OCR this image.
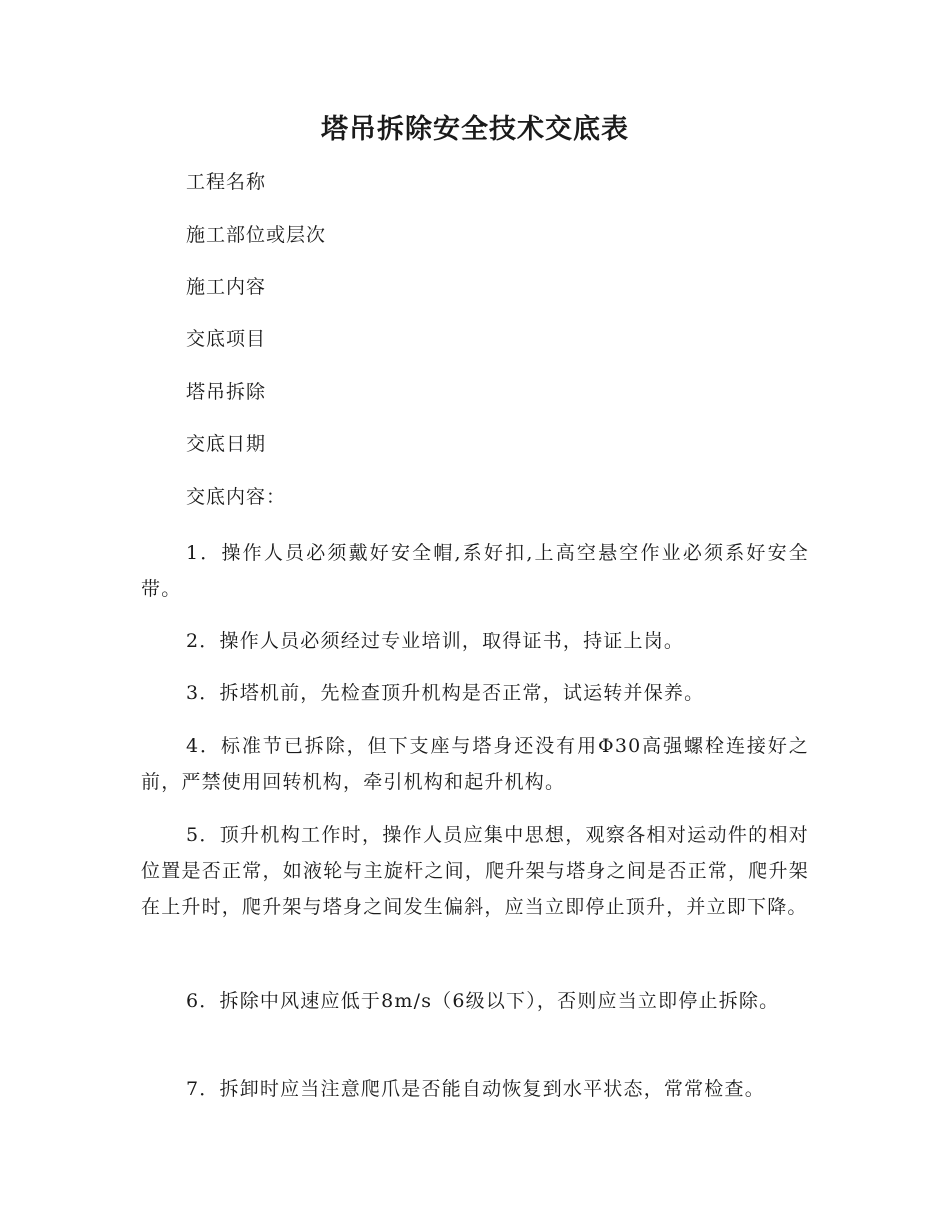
塔吊拆除安全技术交底表
工程名称
施工部位或层次
施工内容
交底项目
塔吊拆除
交底日期
交底内容：
1．操作人员必须戴好安全帽,系好扣,上高空悬空作业必须系好安全带。
2．操作人员必须经过专业培训，取得证书，持证上岗。
3．拆塔机前，先检查顶升机构是否正常，试运转并保养。
4．标准节已拆除，但下支座与塔身还没有用Φ30高强螺栓连接好之前，严禁使用回转机构，牵引机构和起升机构。
5．顶升机构工作时，操作人员应集中思想，观察各相对运动件的相对位置是否正常，如液轮与主旋杆之间，爬升架与塔身之间是否正常，爬升架在上升时，爬升架与塔身之间发生偏斜，应当立即停止顶升，并立即下降。
6．拆除中风速应低于8m/s（6级以下），否则应当立即停止拆除。
7．拆卸时应当注意爬爪是否能自动恢复到水平状态，常常检查。
